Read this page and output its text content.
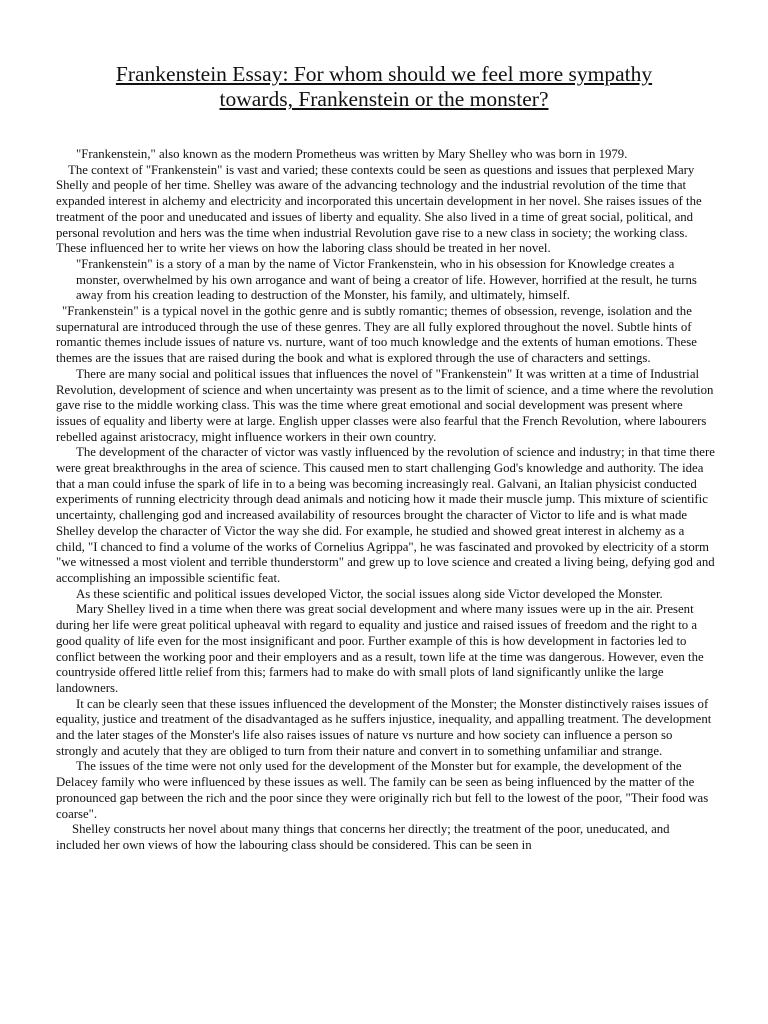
Frankenstein Essay: For whom should we feel more sympathy
towards, Frankenstein or the monster?

"Frankenstein," also known as the modern Prometheus was written by Mary Shelley who was born in 1979.

The context of "Frankenstein" is vast and varied; these contexts could be seen as questions and issues that perplexed Mary Shelly and people of her time. Shelley was aware of the advancing technology and the industrial revolution of the time that expanded interest in alchemy and electricity and incorporated this uncertain development in her novel. She raises issues of the treatment of the poor and uneducated and issues of liberty and equality. She also lived in a time of great social, political, and personal revolution and hers was the time when industrial Revolution gave rise to a new class in society; the working class. These influenced her to write her views on how the laboring class should be treated in her novel.

"Frankenstein" is a story of a man by the name of Victor Frankenstein, who in his obsession for Knowledge creates a monster, overwhelmed by his own arrogance and want of being a creator of life. However, horrified at the result, he turns away from his creation leading to destruction of the Monster, his family, and ultimately, himself.

"Frankenstein" is a typical novel in the gothic genre and is subtly romantic; themes of obsession, revenge, isolation and the supernatural are introduced through the use of these genres. They are all fully explored throughout the novel. Subtle hints of romantic themes include issues of nature vs. nurture, want of too much knowledge and the extents of human emotions. These themes are the issues that are raised during the book and what is explored through the use of characters and settings.

There are many social and political issues that influences the novel of "Frankenstein" It was written at a time of Industrial Revolution, development of science and when uncertainty was present as to the limit of science, and a time where the revolution gave rise to the middle working class. This was the time where great emotional and social development was present where issues of equality and liberty were at large. English upper classes were also fearful that the French Revolution, where labourers rebelled against aristocracy, might influence workers in their own country.

The development of the character of victor was vastly influenced by the revolution of science and industry; in that time there were great breakthroughs in the area of science. This caused men to start challenging God's knowledge and authority. The idea that a man could infuse the spark of life in to a being was becoming increasingly real. Galvani, an Italian physicist conducted experiments of running electricity through dead animals and noticing how it made their muscle jump. This mixture of scientific uncertainty, challenging god and increased availability of resources brought the character of Victor to life and is what made Shelley develop the character of Victor the way she did. For example, he studied and showed great interest in alchemy as a child, "I chanced to find a volume of the works of Cornelius Agrippa", he was fascinated and provoked by electricity of a storm "we witnessed a most violent and terrible thunderstorm" and grew up to love science and created a living being, defying god and accomplishing an impossible scientific feat.

As these scientific and political issues developed Victor, the social issues along side Victor developed the Monster.

Mary Shelley lived in a time when there was great social development and where many issues were up in the air. Present during her life were great political upheaval with regard to equality and justice and raised issues of freedom and the right to a good quality of life even for the most insignificant and poor. Further example of this is how development in factories led to conflict between the working poor and their employers and as a result, town life at the time was dangerous. However, even the countryside offered little relief from this; farmers had to make do with small plots of land significantly unlike the large landowners.

It can be clearly seen that these issues influenced the development of the Monster; the Monster distinctively raises issues of equality, justice and treatment of the disadvantaged as he suffers injustice, inequality, and appalling treatment. The development and the later stages of the Monster's life also raises issues of nature vs nurture and how society can influence a person so strongly and acutely that they are obliged to turn from their nature and convert in to something unfamiliar and strange.

The issues of the time were not only used for the development of the Monster but for example, the development of the Delacey family who were influenced by these issues as well. The family can be seen as being influenced by the matter of the pronounced gap between the rich and the poor since they were originally rich but fell to the lowest of the poor, "Their food was coarse".

Shelley constructs her novel about many things that concerns her directly; the treatment of the poor, uneducated, and included her own views of how the labouring class should be considered. This can be seen in
